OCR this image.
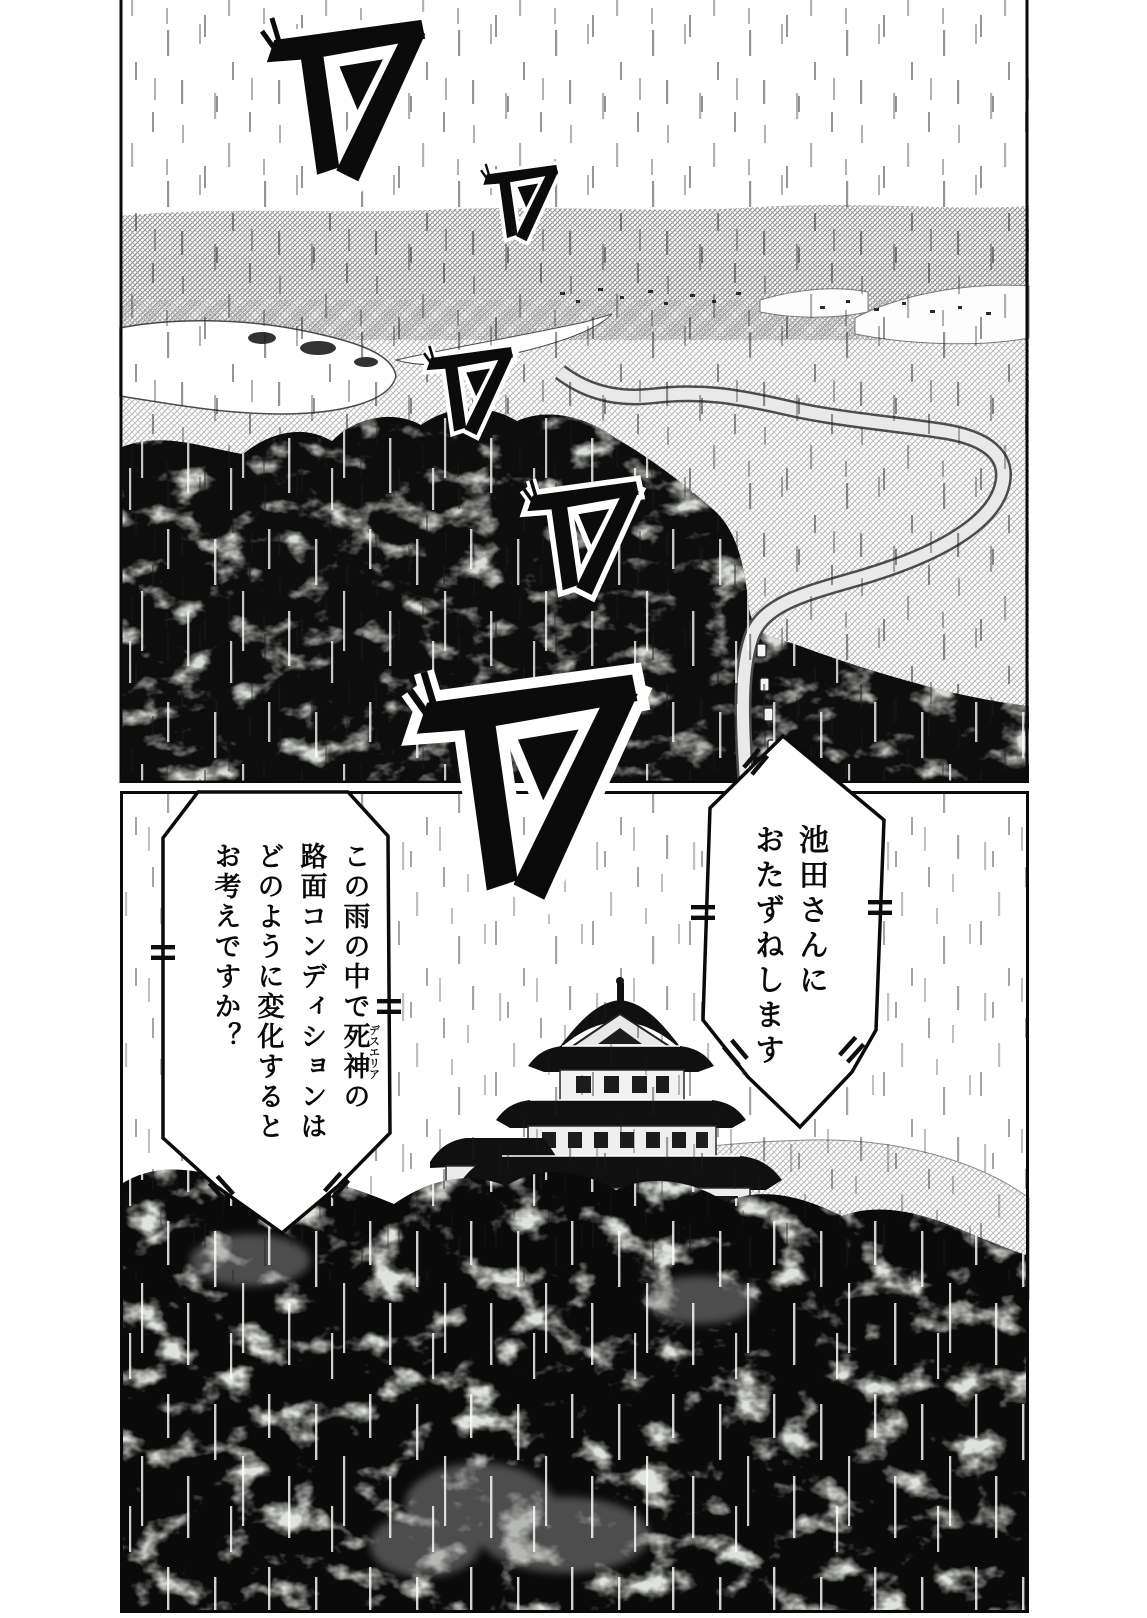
池田さんに

おたずねします

この雨の中で死神デスエリアの

路面コンディションは

どのように変化すると

お考えですか？
